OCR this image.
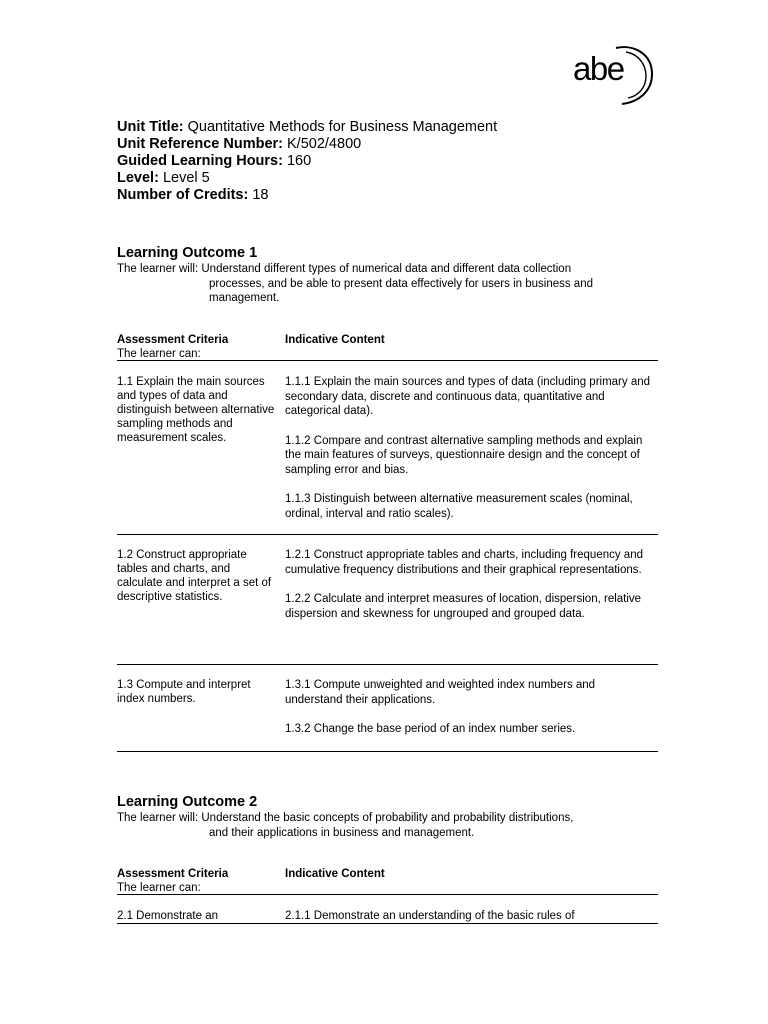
abe
Unit Title: Quantitative Methods for Business Management
Unit Reference Number: K/502/4800
Guided Learning Hours: 160
Level: Level 5
Number of Credits: 18
Learning Outcome 1
The learner will: Understand different types of numerical data and different data collection
processes, and be able to present data effectively for users in business and
management.
Assessment Criteria
The learner can:
Indicative Content
1.1 Explain the main sources and types of data and distinguish between alternative sampling methods and measurement scales.

1.1.1 Explain the main sources and types of data (including primary and secondary data, discrete and continuous data, quantitative and categorical data).

1.1.2 Compare and contrast alternative sampling methods and explain the main features of surveys, questionnaire design and the concept of sampling error and bias.

1.1.3 Distinguish between alternative measurement scales (nominal, ordinal, interval and ratio scales).

1.2 Construct appropriate tables and charts, and calculate and interpret a set of descriptive statistics.

1.2.1 Construct appropriate tables and charts, including frequency and cumulative frequency distributions and their graphical representations.

1.2.2 Calculate and interpret measures of location, dispersion, relative dispersion and skewness for ungrouped and grouped data.

1.3 Compute and interpret index numbers.

1.3.1 Compute unweighted and weighted index numbers and understand their applications.

1.3.2 Change the base period of an index number series.

Learning Outcome 2
The learner will: Understand the basic concepts of probability and probability distributions,
and their applications in business and management.
Assessment Criteria
The learner can:
Indicative Content
2.1 Demonstrate an	2.1.1 Demonstrate an understanding of the basic rules of
